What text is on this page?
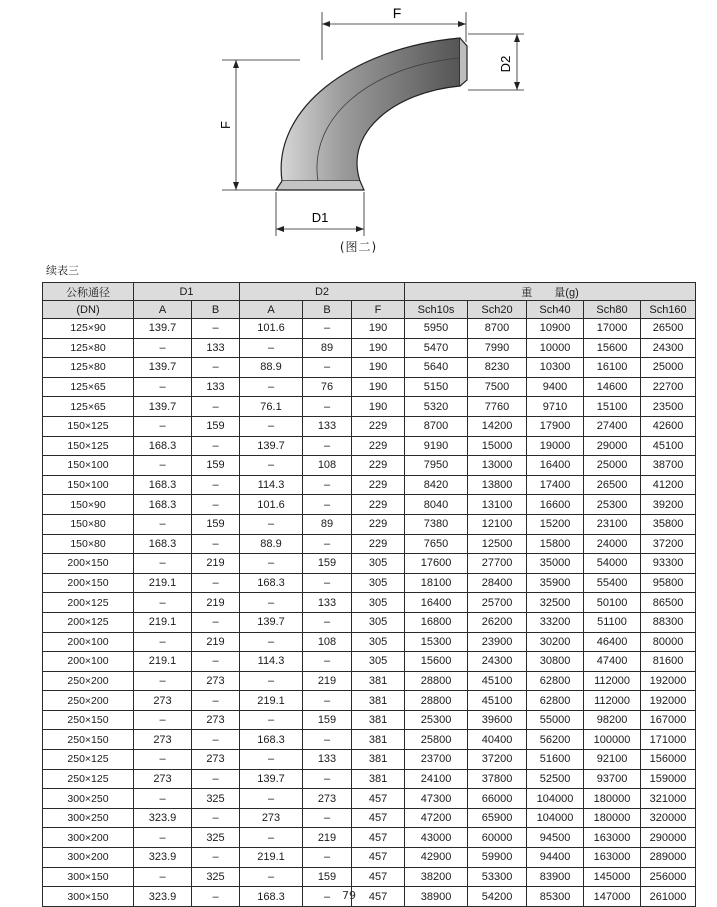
F
F
D2
D1
(图二)
续表三
公称通径	D1		D2			重　　量(g)				
(DN)	A	B	A	B	F	Sch10s	Sch20	Sch40	Sch80	Sch160
125×90	139.7	–	101.6	–	190	5950	8700	10900	17000	26500
125×80	–	133	–	89	190	5470	7990	10000	15600	24300
125×80	139.7	–	88.9	–	190	5640	8230	10300	16100	25000
125×65	–	133	–	76	190	5150	7500	9400	14600	22700
125×65	139.7	–	76.1	–	190	5320	7760	9710	15100	23500
150×125	–	159	–	133	229	8700	14200	17900	27400	42600
150×125	168.3	–	139.7	–	229	9190	15000	19000	29000	45100
150×100	–	159	–	108	229	7950	13000	16400	25000	38700
150×100	168.3	–	114.3	–	229	8420	13800	17400	26500	41200
150×90	168.3	–	101.6	–	229	8040	13100	16600	25300	39200
150×80	–	159	–	89	229	7380	12100	15200	23100	35800
150×80	168.3	–	88.9	–	229	7650	12500	15800	24000	37200
200×150	–	219	–	159	305	17600	27700	35000	54000	93300
200×150	219.1	–	168.3	–	305	18100	28400	35900	55400	95800
200×125	–	219	–	133	305	16400	25700	32500	50100	86500
200×125	219.1	–	139.7	–	305	16800	26200	33200	51100	88300
200×100	–	219	–	108	305	15300	23900	30200	46400	80000
200×100	219.1	–	114.3	–	305	15600	24300	30800	47400	81600
250×200	–	273	–	219	381	28800	45100	62800	112000	192000
250×200	273	–	219.1	–	381	28800	45100	62800	112000	192000
250×150	–	273	–	159	381	25300	39600	55000	98200	167000
250×150	273	–	168.3	–	381	25800	40400	56200	100000	171000
250×125	–	273	–	133	381	23700	37200	51600	92100	156000
250×125	273	–	139.7	–	381	24100	37800	52500	93700	159000
300×250	–	325	–	273	457	47300	66000	104000	180000	321000
300×250	323.9	–	273	–	457	47200	65900	104000	180000	320000
300×200	–	325	–	219	457	43000	60000	94500	163000	290000
300×200	323.9	–	219.1	–	457	42900	59900	94400	163000	289000
300×150	–	325	–	159	457	38200	53300	83900	145000	256000
300×150	323.9	–	168.3	–	457	38900	54200	85300	147000	261000
79
